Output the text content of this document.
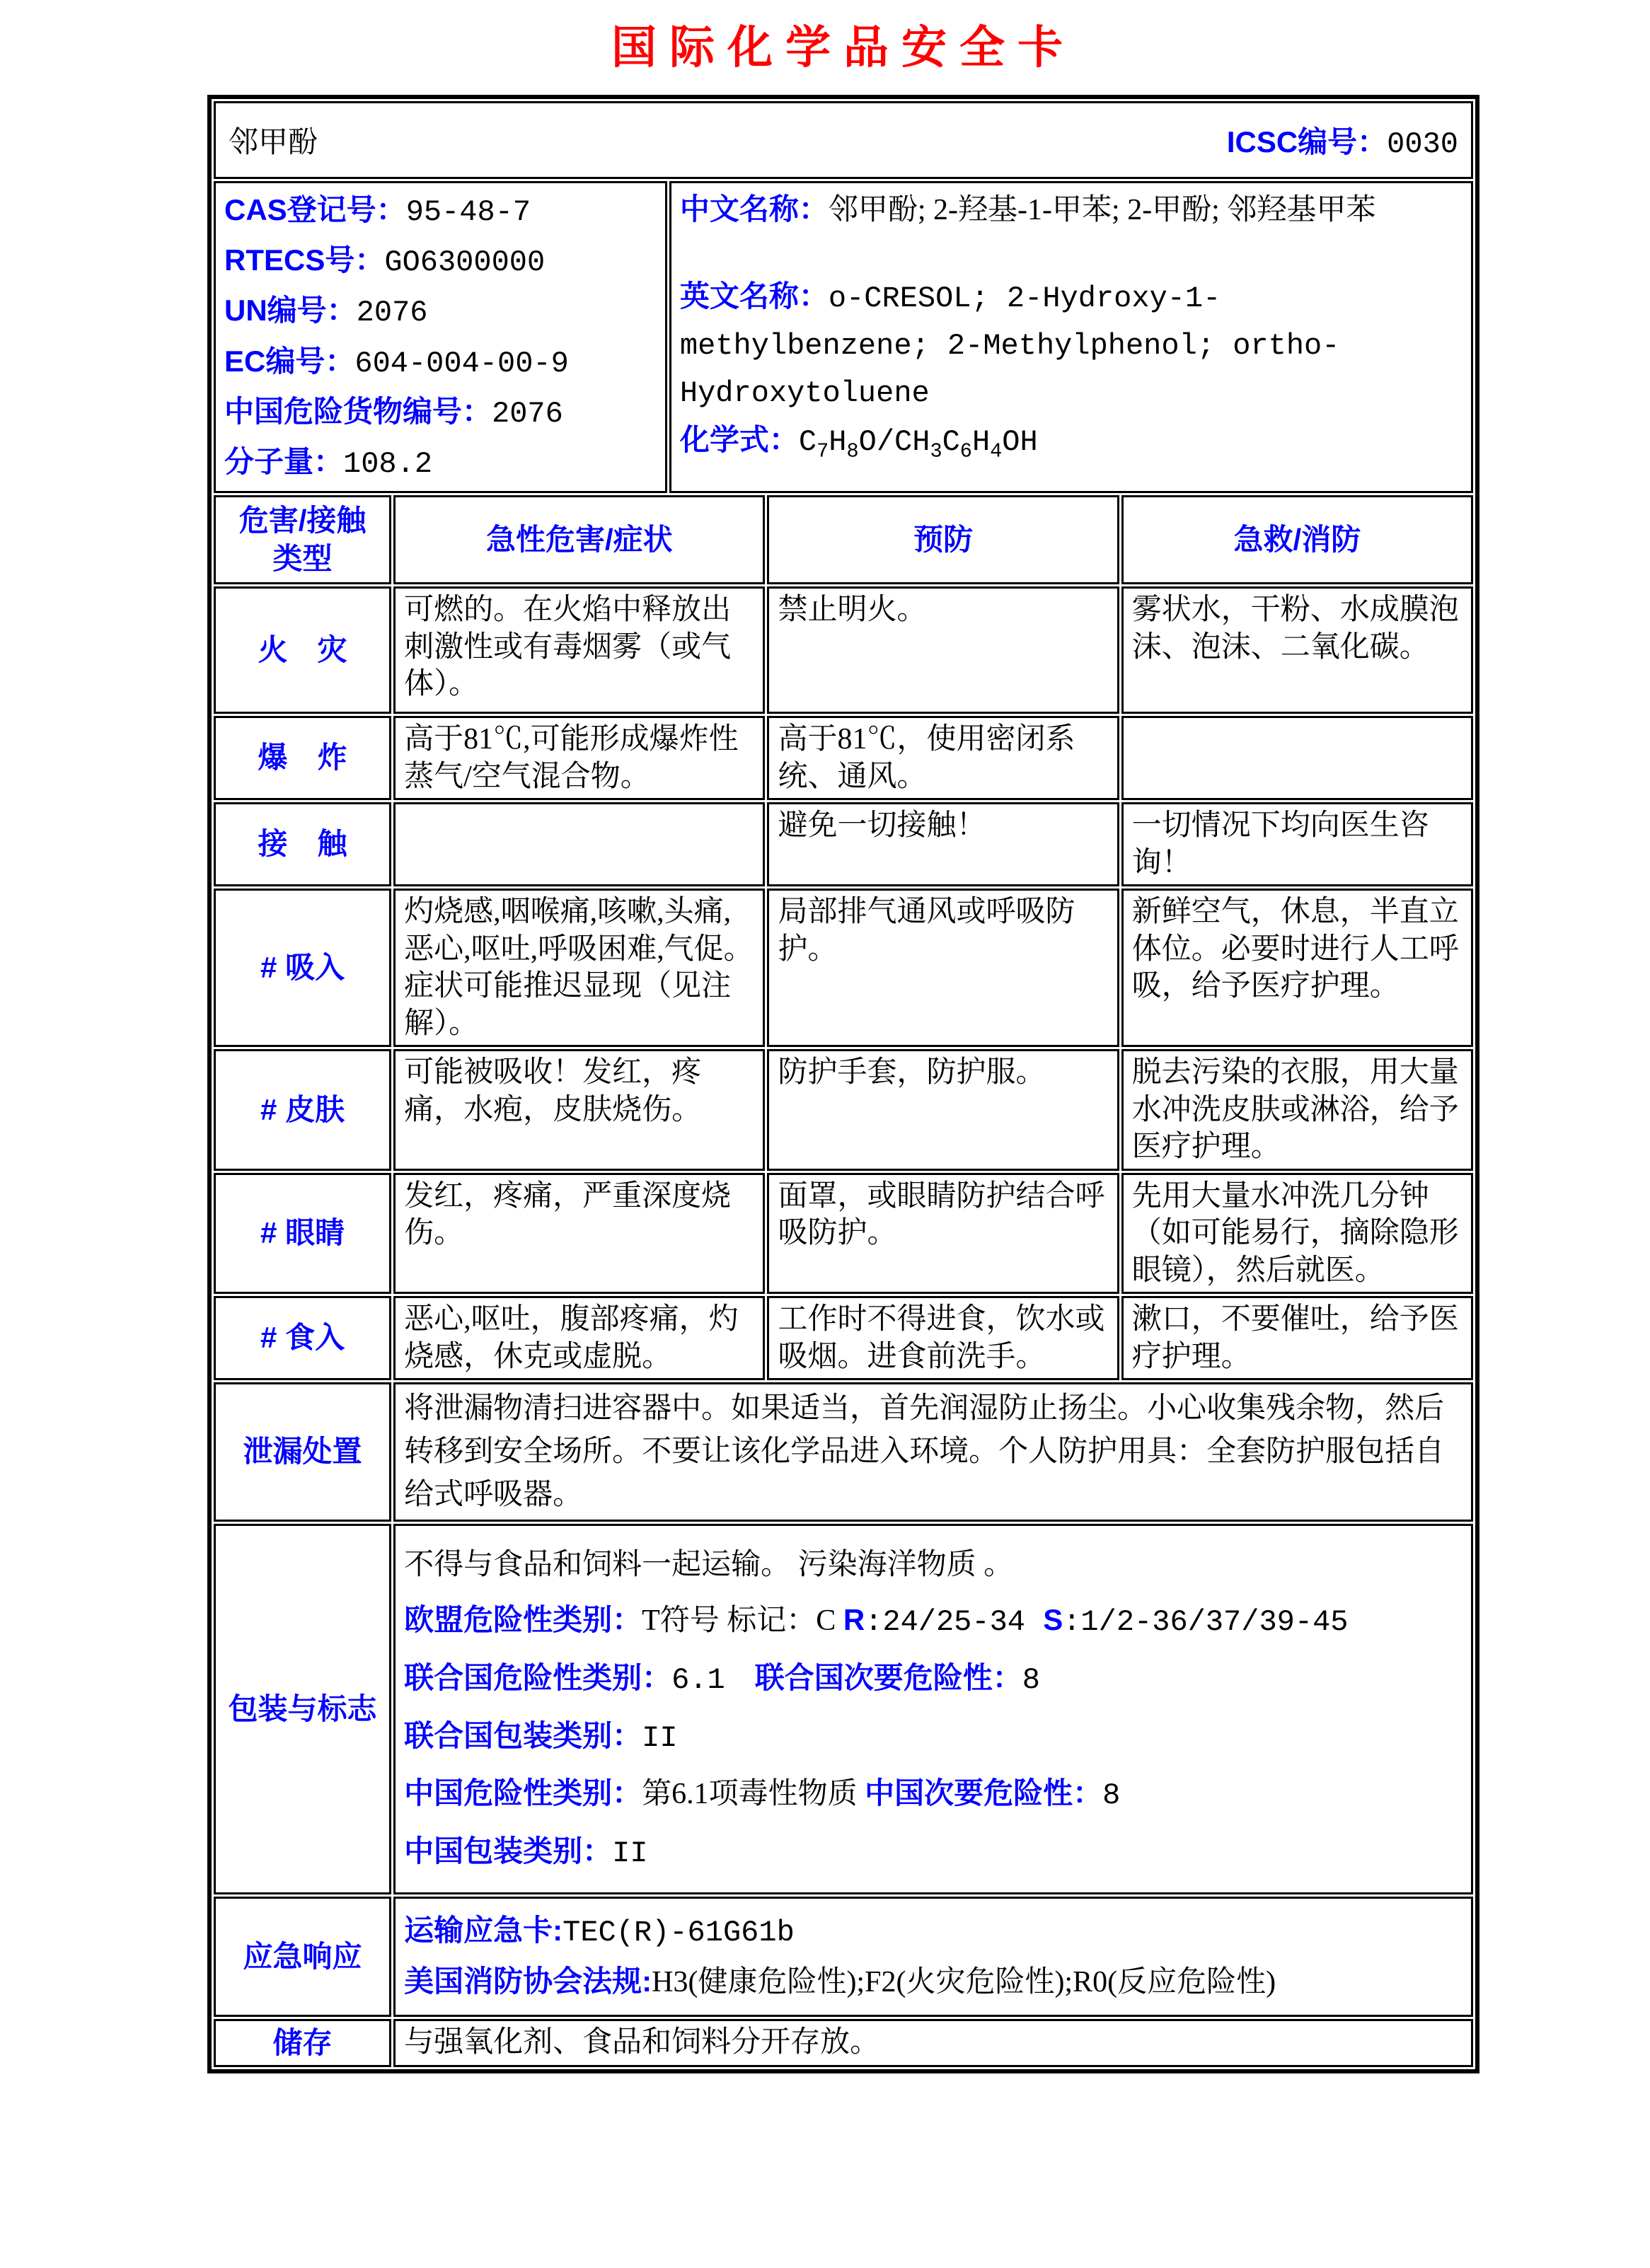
国际化学品安全卡
邻甲酚 ICSC编号：0030				

CAS登记号：95-48-7
RTECS号：GO6300000
UN编号：2076
EC编号：604-004-00-9
中国危险货物编号：2076
分子量：108.2

中文名称：邻甲酚; 2-羟基-1-甲苯; 2-甲酚; 邻羟基甲苯
英文名称：o-CRESOL; 2-Hydroxy-1-methylbenzene; 2-Methylphenol; ortho-Hydroxytoluene
化学式：$C_7H_8O/CH_3C_6H_4OH$

危害/接触类型	急性危害/症状		预防	急救/消防
火　灾	可燃的。在火焰中释放出刺激性或有毒烟雾（或气体）。		禁止明火。	雾状水，干粉、水成膜泡沫、泡沫、二氧化碳。
爆　炸	高于81℃,可能形成爆炸性蒸气/空气混合物。		高于81℃，使用密闭系统、通风。	
接　触			避免一切接触！	一切情况下均向医生咨询！
# 吸入	灼烧感,咽喉痛,咳嗽,头痛,恶心,呕吐,呼吸困难,气促。症状可能推迟显现（见注解）。		局部排气通风或呼吸防护。	新鲜空气，休息，半直立体位。必要时进行人工呼吸，给予医疗护理。
# 皮肤	可能被吸收！发红，疼痛，水疱，皮肤烧伤。		防护手套，防护服。	脱去污染的衣服，用大量水冲洗皮肤或淋浴，给予医疗护理。
# 眼睛	发红，疼痛，严重深度烧伤。		面罩，或眼睛防护结合呼吸防护。	先用大量水冲洗几分钟（如可能易行，摘除隐形眼镜），然后就医。
# 食入	恶心,呕吐，腹部疼痛，灼烧感，休克或虚脱。		工作时不得进食，饮水或吸烟。进食前洗手。	漱口，不要催吐，给予医疗护理。
泄漏处置	将泄漏物清扫进容器中。如果适当，首先润湿防止扬尘。小心收集残余物，然后转移到安全场所。不要让该化学品进入环境。个人防护用具：全套防护服包括自给式呼吸器。			

包装与标志	
不得与食品和饲料一起运输。 污染海洋物质 。
欧盟危险性类别：T符号 标记：C R:24/25-34 S:1/2-36/37/39-45
联合国危险性类别：6.1　联合国次要危险性：8
联合国包装类别：II
中国危险性类别：第6.1项毒性物质 中国次要危险性：8
中国包装类别：II

应急响应	运输应急卡:TEC(R)-61G61b
美国消防协会法规:H3(健康危险性);F2(火灾危险性);R0(反应危险性)			

储存	与强氧化剂、食品和饲料分开存放。			
